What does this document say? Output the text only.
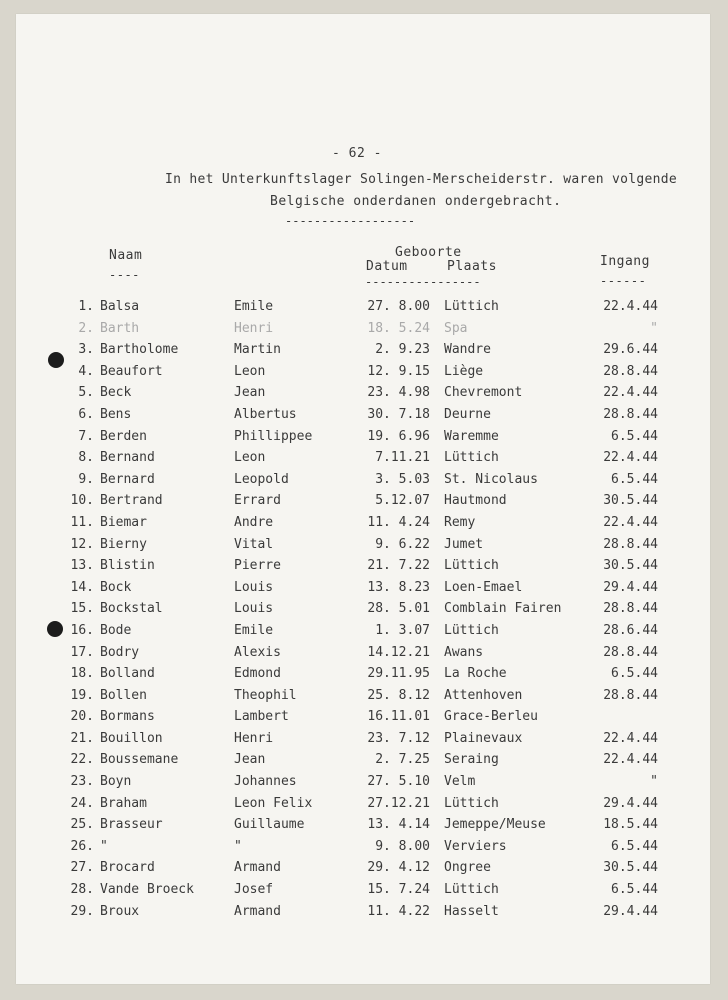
- 62 -
In het Unterkunftslager Solingen-Merscheiderstr. waren volgende
Belgische onderdanen ondergebracht.
------------------
Naam
----
Geboorte
Datum	Plaats
----------------
Ingang
------
1. Balsa	Emile	27. 8.00 Lüttich	22.4.44
2. Barth	Henri	18. 5.24 Spa	"
3. Bartholome	Martin	2. 9.23 Wandre	29.6.44
4. Beaufort	Leon	12. 9.15 Liège	28.8.44
5. Beck	Jean	23. 4.98 Chevremont	22.4.44
6. Bens	Albertus	30. 7.18 Deurne	28.8.44
7. Berden	Phillippee	19. 6.96 Waremme	6.5.44
8. Bernand	Leon	7.11.21 Lüttich	22.4.44
9. Bernard	Leopold	3. 5.03 St. Nicolaus	6.5.44
10. Bertrand	Errard	5.12.07 Hautmond	30.5.44
11. Biemar	Andre	11. 4.24 Remy	22.4.44
12. Bierny	Vital	9. 6.22 Jumet	28.8.44
13. Blistin	Pierre	21. 7.22 Lüttich	30.5.44
14. Bock	Louis	13. 8.23 Loen-Emael	29.4.44
15. Bockstal	Louis	28. 5.01 Comblain Fairen	28.8.44
16. Bode	Emile	1. 3.07 Lüttich	28.6.44
17. Bodry	Alexis	14.12.21 Awans	28.8.44
18. Bolland	Edmond	29.11.95 La Roche	6.5.44
19. Bollen	Theophil	25. 8.12 Attenhoven	28.8.44
20. Bormans	Lambert	16.11.01 Grace-Berleu
21. Bouillon	Henri	23. 7.12 Plainevaux	22.4.44
22. Boussemane	Jean	2. 7.25 Seraing	22.4.44
23. Boyn	Johannes	27. 5.10 Velm	"
24. Braham	Leon Felix	27.12.21 Lüttich	29.4.44
25. Brasseur	Guillaume	13. 4.14 Jemeppe/Meuse	18.5.44
26. "	"	9. 8.00 Verviers	6.5.44
27. Brocard	Armand	29. 4.12 Ongree	30.5.44
28. Vande Broeck	Josef	15. 7.24 Lüttich	6.5.44
29. Broux	Armand	11. 4.22 Hasselt	29.4.44
